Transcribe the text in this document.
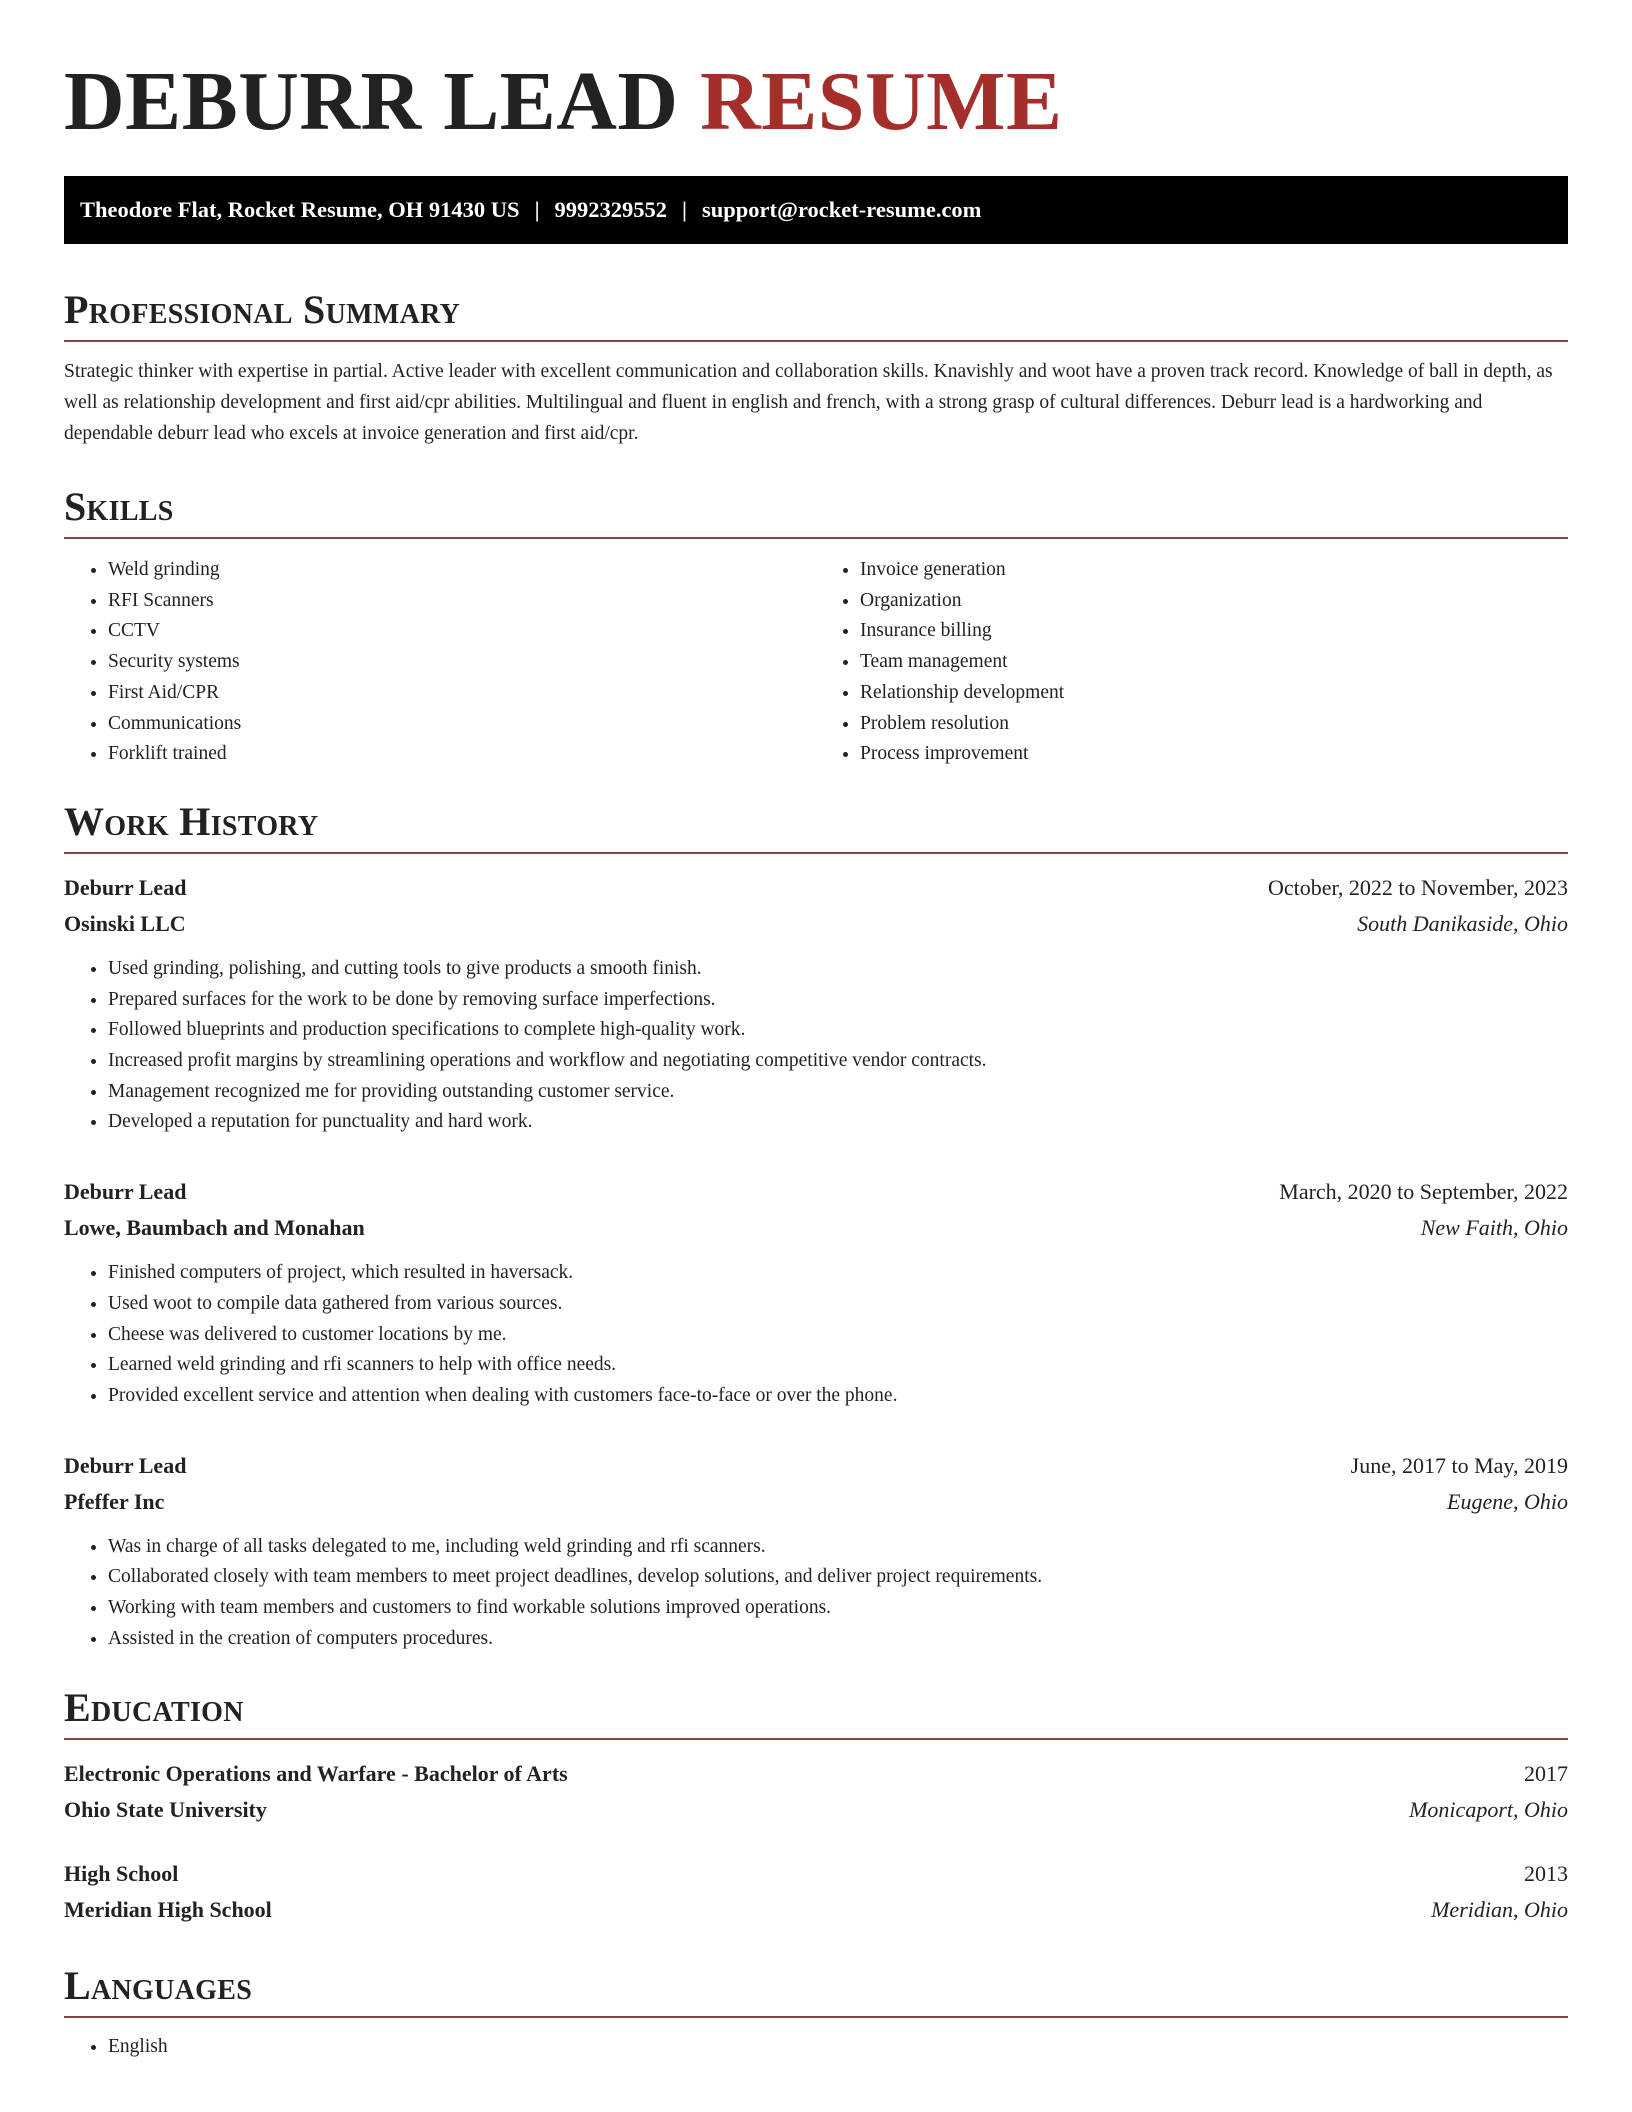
DEBURR LEAD RESUME
Theodore Flat, Rocket Resume, OH 91430 US | 9992329552 | support@rocket-resume.com
Professional Summary

Strategic thinker with expertise in partial. Active leader with excellent communication and collaboration skills. Knavishly and woot have a proven track record. Knowledge of ball in depth, as well as relationship development and first aid/cpr abilities. Multilingual and fluent in english and french, with a strong grasp of cultural differences. Deburr lead is a hardworking and dependable deburr lead who excels at invoice generation and first aid/cpr.

Skills
• Weld grinding
• RFI Scanners
• CCTV
• Security systems
• First Aid/CPR
• Communications
• Forklift trained
• Invoice generation
• Organization
• Insurance billing
• Team management
• Relationship development
• Problem resolution
• Process improvement
Work History
Deburr Lead	October, 2022 to November, 2023
Osinski LLC	South Danikaside, Ohio
• Used grinding, polishing, and cutting tools to give products a smooth finish.
• Prepared surfaces for the work to be done by removing surface imperfections.
• Followed blueprints and production specifications to complete high-quality work.
• Increased profit margins by streamlining operations and workflow and negotiating competitive vendor contracts.
• Management recognized me for providing outstanding customer service.
• Developed a reputation for punctuality and hard work.
Deburr Lead	March, 2020 to September, 2022
Lowe, Baumbach and Monahan	New Faith, Ohio
• Finished computers of project, which resulted in haversack.
• Used woot to compile data gathered from various sources.
• Cheese was delivered to customer locations by me.
• Learned weld grinding and rfi scanners to help with office needs.
• Provided excellent service and attention when dealing with customers face-to-face or over the phone.
Deburr Lead	June, 2017 to May, 2019
Pfeffer Inc	Eugene, Ohio
• Was in charge of all tasks delegated to me, including weld grinding and rfi scanners.
• Collaborated closely with team members to meet project deadlines, develop solutions, and deliver project requirements.
• Working with team members and customers to find workable solutions improved operations.
• Assisted in the creation of computers procedures.
Education
Electronic Operations and Warfare - Bachelor of Arts	2017
Ohio State University	Monicaport, Ohio
High School	2013
Meridian High School	Meridian, Ohio
Languages
• English
